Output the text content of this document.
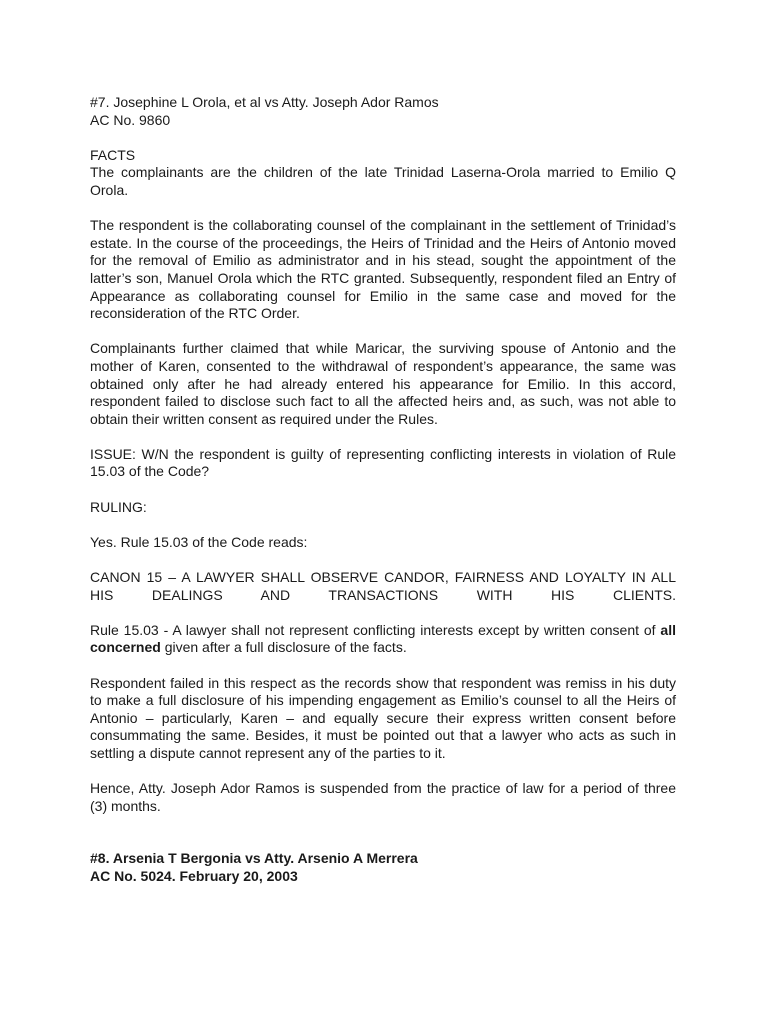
#7. Josephine L Orola, et al vs Atty. Joseph Ador Ramos

AC No. 9860

FACTS

The complainants are the children of the late Trinidad Laserna-Orola married to Emilio Q Orola.

The respondent is the collaborating counsel of the complainant in the settlement of Trinidad’s estate. In the course of the proceedings, the Heirs of Trinidad and the Heirs of Antonio moved for the removal of Emilio as administrator and in his stead, sought the appointment of the latter’s son, Manuel Orola which the RTC granted. Subsequently, respondent filed an Entry of Appearance as collaborating counsel for Emilio in the same case and moved for the reconsideration of the RTC Order.

Complainants further claimed that while Maricar, the surviving spouse of Antonio and the mother of Karen, consented to the withdrawal of respondent’s appearance, the same was obtained only after he had already entered his appearance for Emilio. In this accord, respondent failed to disclose such fact to all the affected heirs and, as such, was not able to obtain their written consent as required under the Rules.

ISSUE: W/N the respondent is guilty of representing conflicting interests in violation of Rule 15.03 of the Code?

RULING:

Yes. Rule 15.03 of the Code reads:

CANON 15 – A LAWYER SHALL OBSERVE CANDOR, FAIRNESS AND LOYALTY IN ALL HIS DEALINGS AND TRANSACTIONS WITH HIS CLIENTS.

Rule 15.03 - A lawyer shall not represent conflicting interests except by written consent of all concerned given after a full disclosure of the facts.

Respondent failed in this respect as the records show that respondent was remiss in his duty to make a full disclosure of his impending engagement as Emilio’s counsel to all the Heirs of Antonio – particularly, Karen – and equally secure their express written consent before consummating the same. Besides, it must be pointed out that a lawyer who acts as such in settling a dispute cannot represent any of the parties to it.

Hence, Atty. Joseph Ador Ramos is suspended from the practice of law for a period of three (3) months.

#8. Arsenia T Bergonia vs Atty. Arsenio A Merrera

AC No. 5024. February 20, 2003
